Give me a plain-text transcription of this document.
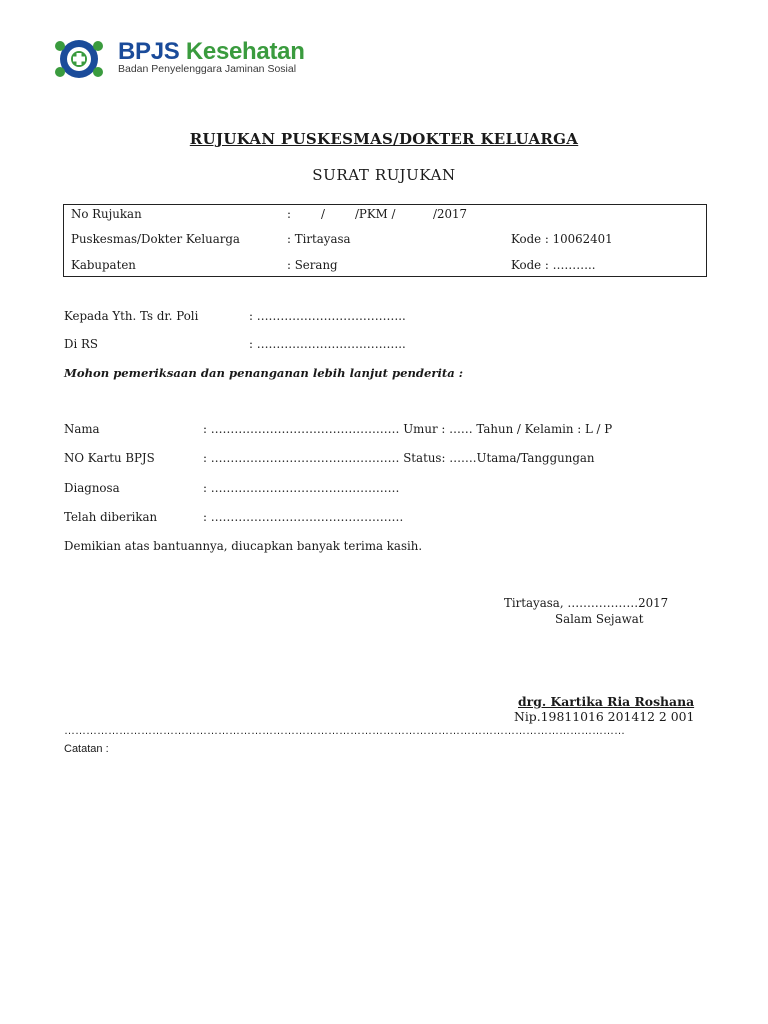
BPJS Kesehatan
Badan Penyelenggara Jaminan Sosial
RUJUKAN PUSKESMAS/DOKTER KELUARGA
SURAT RUJUKAN
No Rujukan	:        /        /PKM /          /2017
Puskesmas/Dokter Keluarga	: Tirtayasa	Kode : 10062401
Kabupaten	: Serang	Kode : ………..
Kepada Yth. Ts dr. Poli	: ………………………………..
Di RS	: ………………………………..
Mohon pemeriksaan dan penanganan lebih lanjut penderita :
Nama	: ………………………………………… Umur : …… Tahun / Kelamin : L / P
NO Kartu BPJS	: ………………………………………… Status: …….Utama/Tanggungan
Diagnosa	: …………………………………………
Telah diberikan	: ………………………………………….
Demikian atas bantuannya, diucapkan banyak terima kasih.
Tirtayasa, ………………2017
Salam Sejawat
drg. Kartika Ria Roshana
Nip.19811016 201412 2 001
………………………………………………………………………………………………………………………………………
Catatan :
